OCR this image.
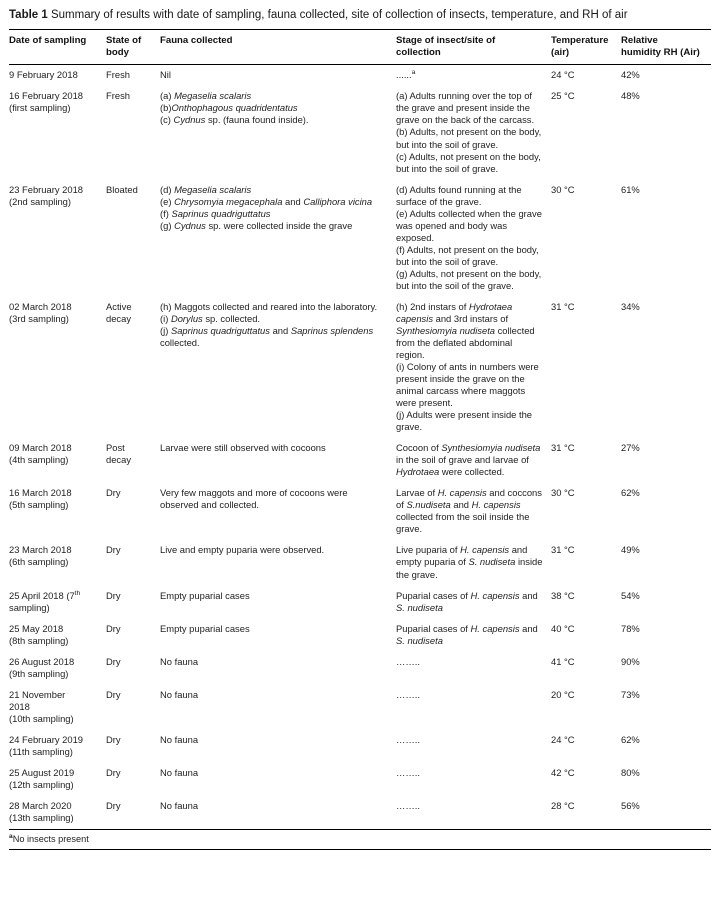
Table 1 Summary of results with date of sampling, fauna collected, site of collection of insects, temperature, and RH of air

Date of sampling	State of
body	Fauna collected	Stage of insect/site of
collection	Temperature
(air)	Relative
humidity RH (Air)
9 February 2018	Fresh	Nil	......$^a$	24 °C	42%
16 February 2018
(first sampling)	Fresh	(a) Megaselia scalaris
(b)Onthophagous quadridentatus
(c) Cydnus sp. (fauna found inside).	(a) Adults running over the top of the grave and present inside the grave on the back of the carcass.
(b) Adults, not present on the body, but into the soil of grave.
(c) Adults, not present on the body, but into the soil of grave.	25 °C	48%
23 February 2018
(2nd sampling)	Bloated	(d) Megaselia scalaris
(e) Chrysomyia megacephala and Calliphora vicina
(f) Saprinus quadriguttatus
(g) Cydnus sp. were collected inside the grave	(d) Adults found running at the surface of the grave.
(e) Adults collected when the grave was opened and body was exposed.
(f) Adults, not present on the body, but into the soil of grave.
(g) Adults, not present on the body, but into the soil of the grave.	30 °C	61%
02 March 2018
(3rd sampling)	Active decay	(h) Maggots collected and reared into the laboratory.
(i) Dorylus sp. collected.
(j) Saprinus quadriguttatus and Saprinus splendens collected.	(h) 2nd instars of Hydrotaea capensis and 3rd instars of Synthesiomyia nudiseta collected from the deflated abdominal region.
(i) Colony of ants in numbers were present inside the grave on the animal carcass where maggots were present.
(j) Adults were present inside the grave.	31 °C	34%
09 March 2018
(4th sampling)	Post decay	Larvae were still observed with cocoons	Cocoon of Synthesiomyia nudiseta in the soil of grave and larvae of Hydrotaea were collected.	31 °C	27%
16 March 2018
(5th sampling)	Dry	Very few maggots and more of cocoons were observed and collected.	Larvae of H. capensis and coccons of S.nudiseta and H. capensis collected from the soil inside the grave.	30 °C	62%
23 March 2018
(6th sampling)	Dry	Live and empty puparia were observed.	Live puparia of H. capensis and empty puparia of S. nudiseta inside the grave.	31 °C	49%
25 April 2018 (7th
sampling)	Dry	Empty puparial cases	Puparial cases of H. capensis and S. nudiseta	38 °C	54%
25 May 2018
(8th sampling)	Dry	Empty puparial cases	Puparial cases of H. capensis and S. nudiseta	40 °C	78%
26 August 2018
(9th sampling)	Dry	No fauna	……..	41 °C	90%
21 November
2018
(10th sampling)	Dry	No fauna	……..	20 °C	73%
24 February 2019
(11th sampling)	Dry	No fauna	……..	24 °C	62%
25 August 2019
(12th sampling)	Dry	No fauna	……..	42 °C	80%
28 March 2020
(13th sampling)	Dry	No fauna	……..	28 °C	56%

$^a$No insects present
